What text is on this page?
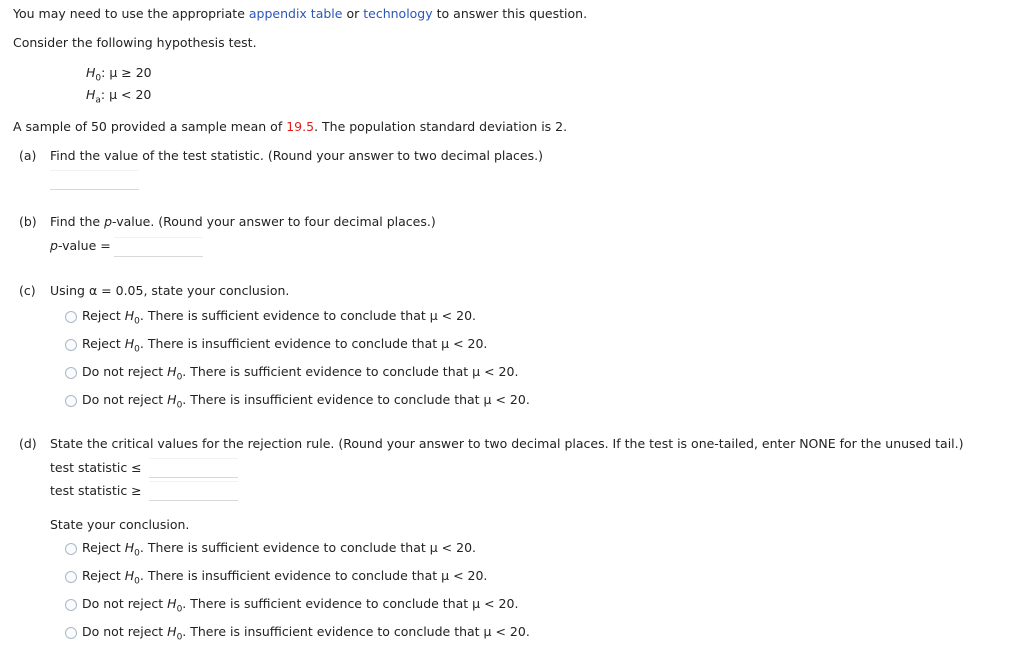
You may need to use the appropriate appendix table or technology to answer this question.
Consider the following hypothesis test.
$H_0$: μ ≥ 20
$H_a$: μ < 20
A sample of 50 provided a sample mean of 19.5. The population standard deviation is 2.
(a) Find the value of the test statistic. (Round your answer to two decimal places.)
(b) Find the p-value. (Round your answer to four decimal places.)
p-value =
(c) Using α = 0.05, state your conclusion.
Reject $H_0$. There is sufficient evidence to conclude that μ < 20.
Reject $H_0$. There is insufficient evidence to conclude that μ < 20.
Do not reject $H_0$. There is sufficient evidence to conclude that μ < 20.
Do not reject $H_0$. There is insufficient evidence to conclude that μ < 20.
(d) State the critical values for the rejection rule. (Round your answer to two decimal places. If the test is one-tailed, enter NONE for the unused tail.)
test statistic ≤
test statistic ≥
State your conclusion.
Reject $H_0$. There is sufficient evidence to conclude that μ < 20.
Reject $H_0$. There is insufficient evidence to conclude that μ < 20.
Do not reject $H_0$. There is sufficient evidence to conclude that μ < 20.
Do not reject $H_0$. There is insufficient evidence to conclude that μ < 20.
